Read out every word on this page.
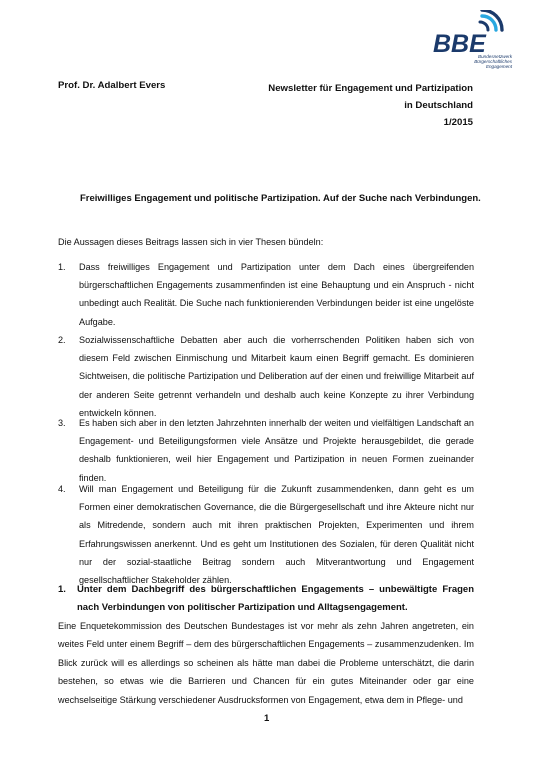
BBE
Bundesnetzwerk
Bürgerschaftliches
Engagement
Prof. Dr. Adalbert Evers	Newsletter für Engagement und Partizipation
in Deutschland
1/2015
Freiwilliges Engagement und politische Partizipation. Auf der Suche nach Verbindungen.
Die Aussagen dieses Beitrags lassen sich in vier Thesen bündeln:
1. Dass freiwilliges Engagement und Partizipation unter dem Dach eines übergreifenden bürgerschaftlichen Engagements zusammenfinden ist eine Behauptung und ein Anspruch - nicht unbedingt auch Realität. Die Suche nach funktionierenden Verbindungen beider ist eine ungelöste Aufgabe.
2. Sozialwissenschaftliche Debatten aber auch die vorherrschenden Politiken haben sich von diesem Feld zwischen Einmischung und Mitarbeit kaum einen Begriff gemacht. Es dominieren Sichtweisen, die politische Partizipation und Deliberation auf der einen und freiwillige Mitarbeit auf der anderen Seite getrennt verhandeln und deshalb auch keine Konzepte zu ihrer Verbindung entwickeln können.
3. Es haben sich aber in den letzten Jahrzehnten innerhalb der weiten und vielfältigen Landschaft an Engagement- und Beteiligungsformen viele Ansätze und Projekte herausgebildet, die gerade deshalb funktionieren, weil hier Engagement und Partizipation in neuen Formen zueinander finden.
4. Will man Engagement und Beteiligung für die Zukunft zusammendenken, dann geht es um Formen einer demokratischen Governance, die die Bürgergesellschaft und ihre Akteure nicht nur als Mitredende, sondern auch mit ihren praktischen Projekten, Experimenten und ihrem Erfahrungswissen anerkennt. Und es geht um Institutionen des Sozialen, für deren Qualität nicht nur der sozial-staatliche Beitrag sondern auch Mitverantwortung und Engagement gesellschaftlicher Stakeholder zählen.
1. Unter dem Dachbegriff des bürgerschaftlichen Engagements – unbewältigte Fragen nach Verbindungen von politischer Partizipation und Alltagsengagement.
Eine Enquetekommission des Deutschen Bundestages ist vor mehr als zehn Jahren angetreten, ein weites Feld unter einem Begriff – dem des bürgerschaftlichen Engagements – zusammenzudenken. Im Blick zurück will es allerdings so scheinen als hätte man dabei die Probleme unterschätzt, die darin bestehen, so etwas wie die Barrieren und Chancen für ein gutes Miteinander oder gar eine wechselseitige Stärkung verschiedener Ausdrucksformen von Engagement, etwa dem in Pflege- und
1
